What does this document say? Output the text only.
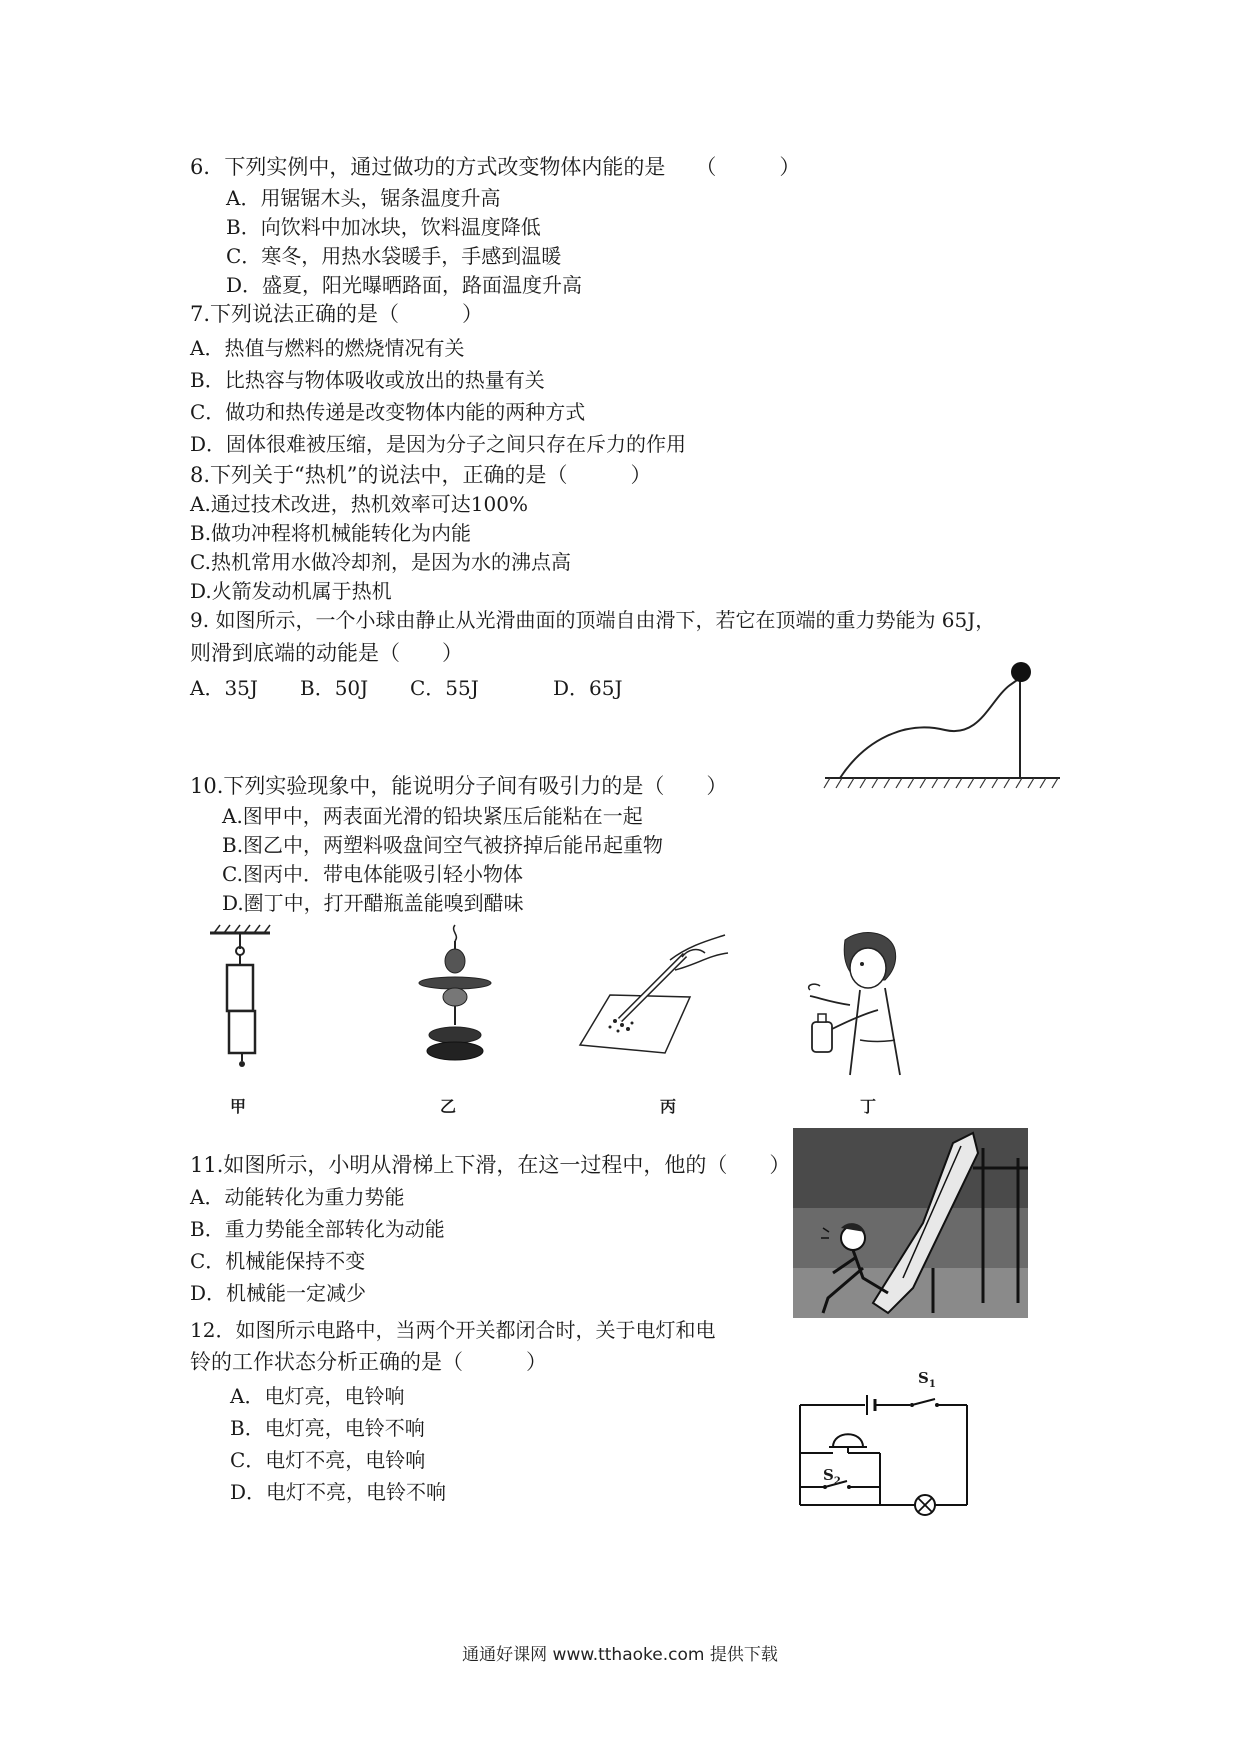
6．下列实例中，通过做功的方式改变物体内能的是 （　　　）
A．用锯锯木头，锯条温度升高
B．向饮料中加冰块，饮料温度降低
C．寒冬，用热水袋暖手，手感到温暖
D．盛夏，阳光曝晒路面，路面温度升高
7.下列说法正确的是（　　　）
A．热值与燃料的燃烧情况有关
B．比热容与物体吸收或放出的热量有关
C．做功和热传递是改变物体内能的两种方式
D．固体很难被压缩，是因为分子之间只存在斥力的作用
8.下列关于“热机”的说法中，正确的是（　　　）
A.通过技术改进，热机效率可达100%
B.做功冲程将机械能转化为内能
C.热机常用水做冷却剂，是因为水的沸点高
D.火箭发动机属于热机
9. 如图所示，一个小球由静止从光滑曲面的顶端自由滑下，若它在顶端的重力势能为 65J，
则滑到底端的动能是（　　）
A．35J B．50J C．55J	D．65J
10.下列实验现象中，能说明分子间有吸引力的是（　　）
A.图甲中，两表面光滑的铅块紧压后能粘在一起
B.图乙中，两塑料吸盘间空气被挤掉后能吊起重物
C.图丙中．带电体能吸引轻小物体
D.圏丁中，打开醋瓶盖能嗅到醋味
甲	乙	丙	丁
11.如图所示，小明从滑梯上下滑，在这一过程中，他的（　　）
A．动能转化为重力势能
B．重力势能全部转化为动能
C．机械能保持不变
D．机械能一定减少
12．如图所示电路中，当两个开关都闭合时，关于电灯和电
铃的工作状态分析正确的是（　　　）
A．电灯亮，电铃响
B．电灯亮，电铃不响
C．电灯不亮，电铃响
D．电灯不亮，电铃不响
$S_1$
$S_2$
通通好课网 www.tthaoke.com 提供下载
